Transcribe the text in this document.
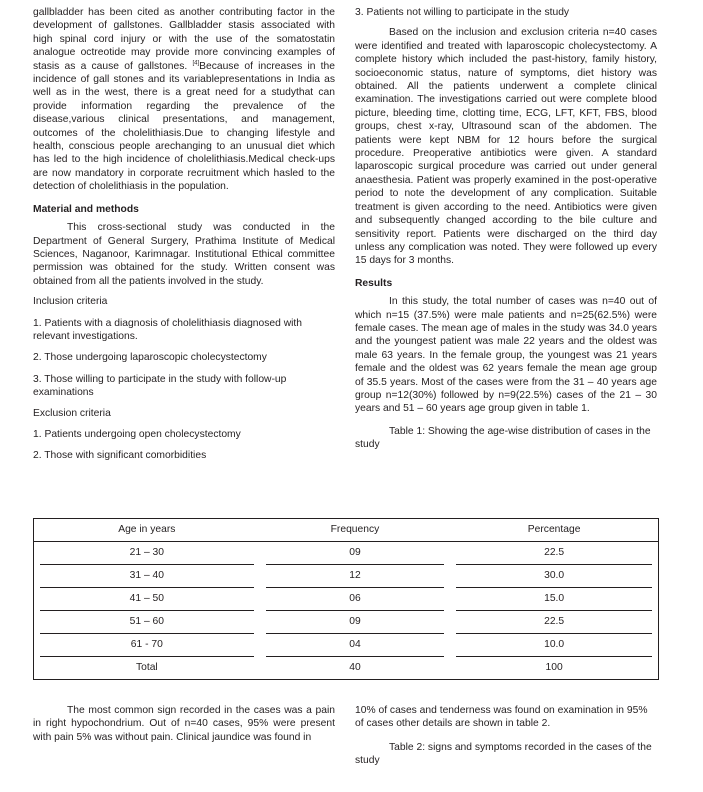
gallbladder has been cited as another contributing factor in the development of gallstones. Gallbladder stasis associated with high spinal cord injury or with the use of the somatostatin analogue octreotide may provide more convincing examples of stasis as a cause of gallstones. [4]Because of increases in the incidence of gall stones and its variablepresentations in India as well as in the west, there is a great need for a studythat can provide information regarding the prevalence of the disease,various clinical presentations, and management, outcomes of the cholelithiasis.Due to changing lifestyle and health, conscious people arechanging to an unusual diet which has led to the high incidence of cholelithiasis.Medical check-ups are now mandatory in corporate recruitment which hasled to the detection of cholelithiasis in the population.

Material and methods

This cross-sectional study was conducted in the Department of General Surgery, Prathima Institute of Medical Sciences, Naganoor, Karimnagar. Institutional Ethical committee permission was obtained for the study. Written consent was obtained from all the patients involved in the study.

Inclusion criteria

1. Patients with a diagnosis of cholelithiasis diagnosed with relevant investigations.

2. Those undergoing laparoscopic cholecystectomy

3. Those willing to participate in the study with follow-up examinations

Exclusion criteria

1. Patients undergoing open cholecystectomy

2. Those with significant comorbidities

3. Patients not willing to participate in the study

Based on the inclusion and exclusion criteria n=40 cases were identified and treated with laparoscopic cholecystectomy. A complete history which included the past-history, family history, socioeconomic status, nature of symptoms, diet history was obtained. All the patients underwent a complete clinical examination. The investigations carried out were complete blood picture, bleeding time, clotting time, ECG, LFT, KFT, FBS, blood groups, chest x-ray, Ultrasound scan of the abdomen. The patients were kept NBM for 12 hours before the surgical procedure. Preoperative antibiotics were given. A standard laparoscopic surgical procedure was carried out under general anaesthesia. Patient was properly examined in the post-operative period to note the development of any complication. Suitable treatment is given according to the need. Antibiotics were given and subsequently changed according to the bile culture and sensitivity report. Patients were discharged on the third day unless any complication was noted. They were followed up every 15 days for 3 months.

Results

In this study, the total number of cases was n=40 out of which n=15 (37.5%) were male patients and n=25(62.5%) were female cases. The mean age of males in the study was 34.0 years and the youngest patient was male 22 years and the oldest was male 63 years. In the female group, the youngest was 21 years female and the oldest was 62 years female the mean age group of 35.5 years. Most of the cases were from the 31 – 40 years age group n=12(30%) followed by n=9(22.5%) cases of the 21 – 30 years and 51 – 60 years age group given in table 1.

Table 1: Showing the age-wise distribution of cases in the study

Age in years	Frequency	Percentage

21 – 30	09	22.5

31 – 40	12	30.0

41 – 50	06	15.0

51 – 60	09	22.5

61 - 70	04	10.0

Total	40	100

The most common sign recorded in the cases was a pain in right hypochondrium. Out of n=40 cases, 95% were present with pain 5% was without pain. Clinical jaundice was found in

10% of cases and tenderness was found on examination in 95% of cases other details are shown in table 2.

Table 2: signs and symptoms recorded in the cases of the study
